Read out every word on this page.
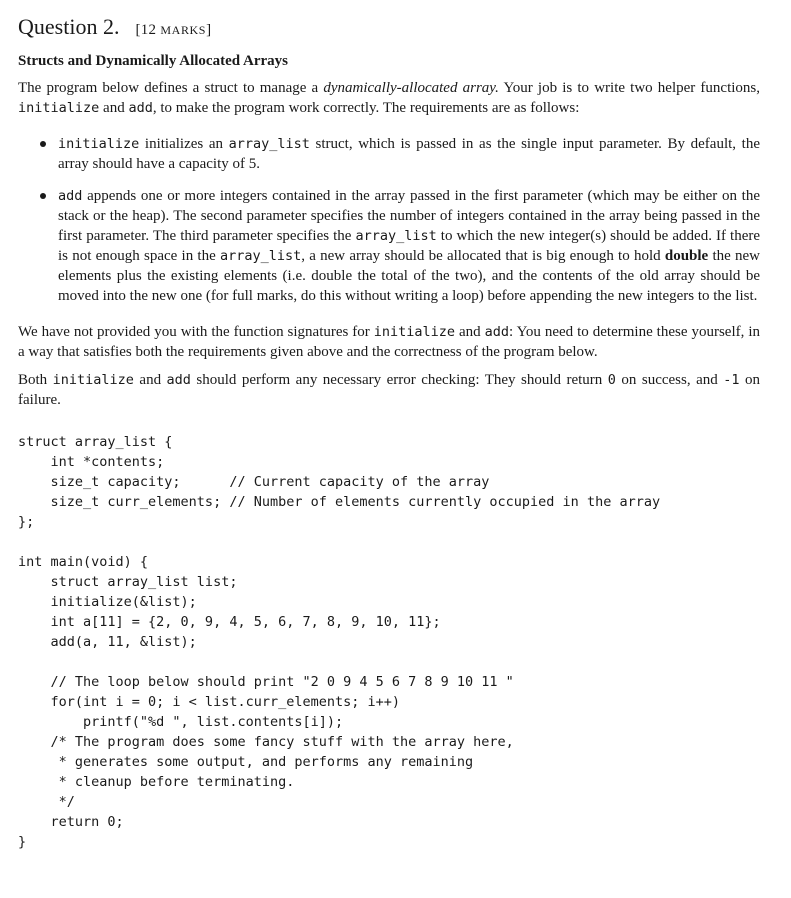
Question 2. [12 MARKS]
Structs and Dynamically Allocated Arrays
The program below defines a struct to manage a dynamically-allocated array. Your job is to write two helper functions, initialize and add, to make the program work correctly. The requirements are as follows:
initialize initializes an array_list struct, which is passed in as the single input parameter. By default, the array should have a capacity of 5.
add appends one or more integers contained in the array passed in the first parameter (which may be either on the stack or the heap). The second parameter specifies the number of integers contained in the array being passed in the first parameter. The third parameter specifies the array_list to which the new integer(s) should be added. If there is not enough space in the array_list, a new array should be allocated that is big enough to hold double the new elements plus the existing elements (i.e. double the total of the two), and the contents of the old array should be moved into the new one (for full marks, do this without writing a loop) before appending the new integers to the list.
We have not provided you with the function signatures for initialize and add: You need to determine these yourself, in a way that satisfies both the requirements given above and the correctness of the program below.
Both initialize and add should perform any necessary error checking: They should return 0 on success, and -1 on failure.
struct array_list {
int *contents;
size_t capacity;      // Current capacity of the array
size_t curr_elements; // Number of elements currently occupied in the array
};
int main(void) {
struct array_list list;
initialize(&list);
int a[11] = {2, 0, 9, 4, 5, 6, 7, 8, 9, 10, 11};
add(a, 11, &list);
// The loop below should print "2 0 9 4 5 6 7 8 9 10 11 "
for(int i = 0; i < list.curr_elements; i++)
printf("%d ", list.contents[i]);
/* The program does some fancy stuff with the array here,
* generates some output, and performs any remaining
* cleanup before terminating.
*/
return 0;
}
